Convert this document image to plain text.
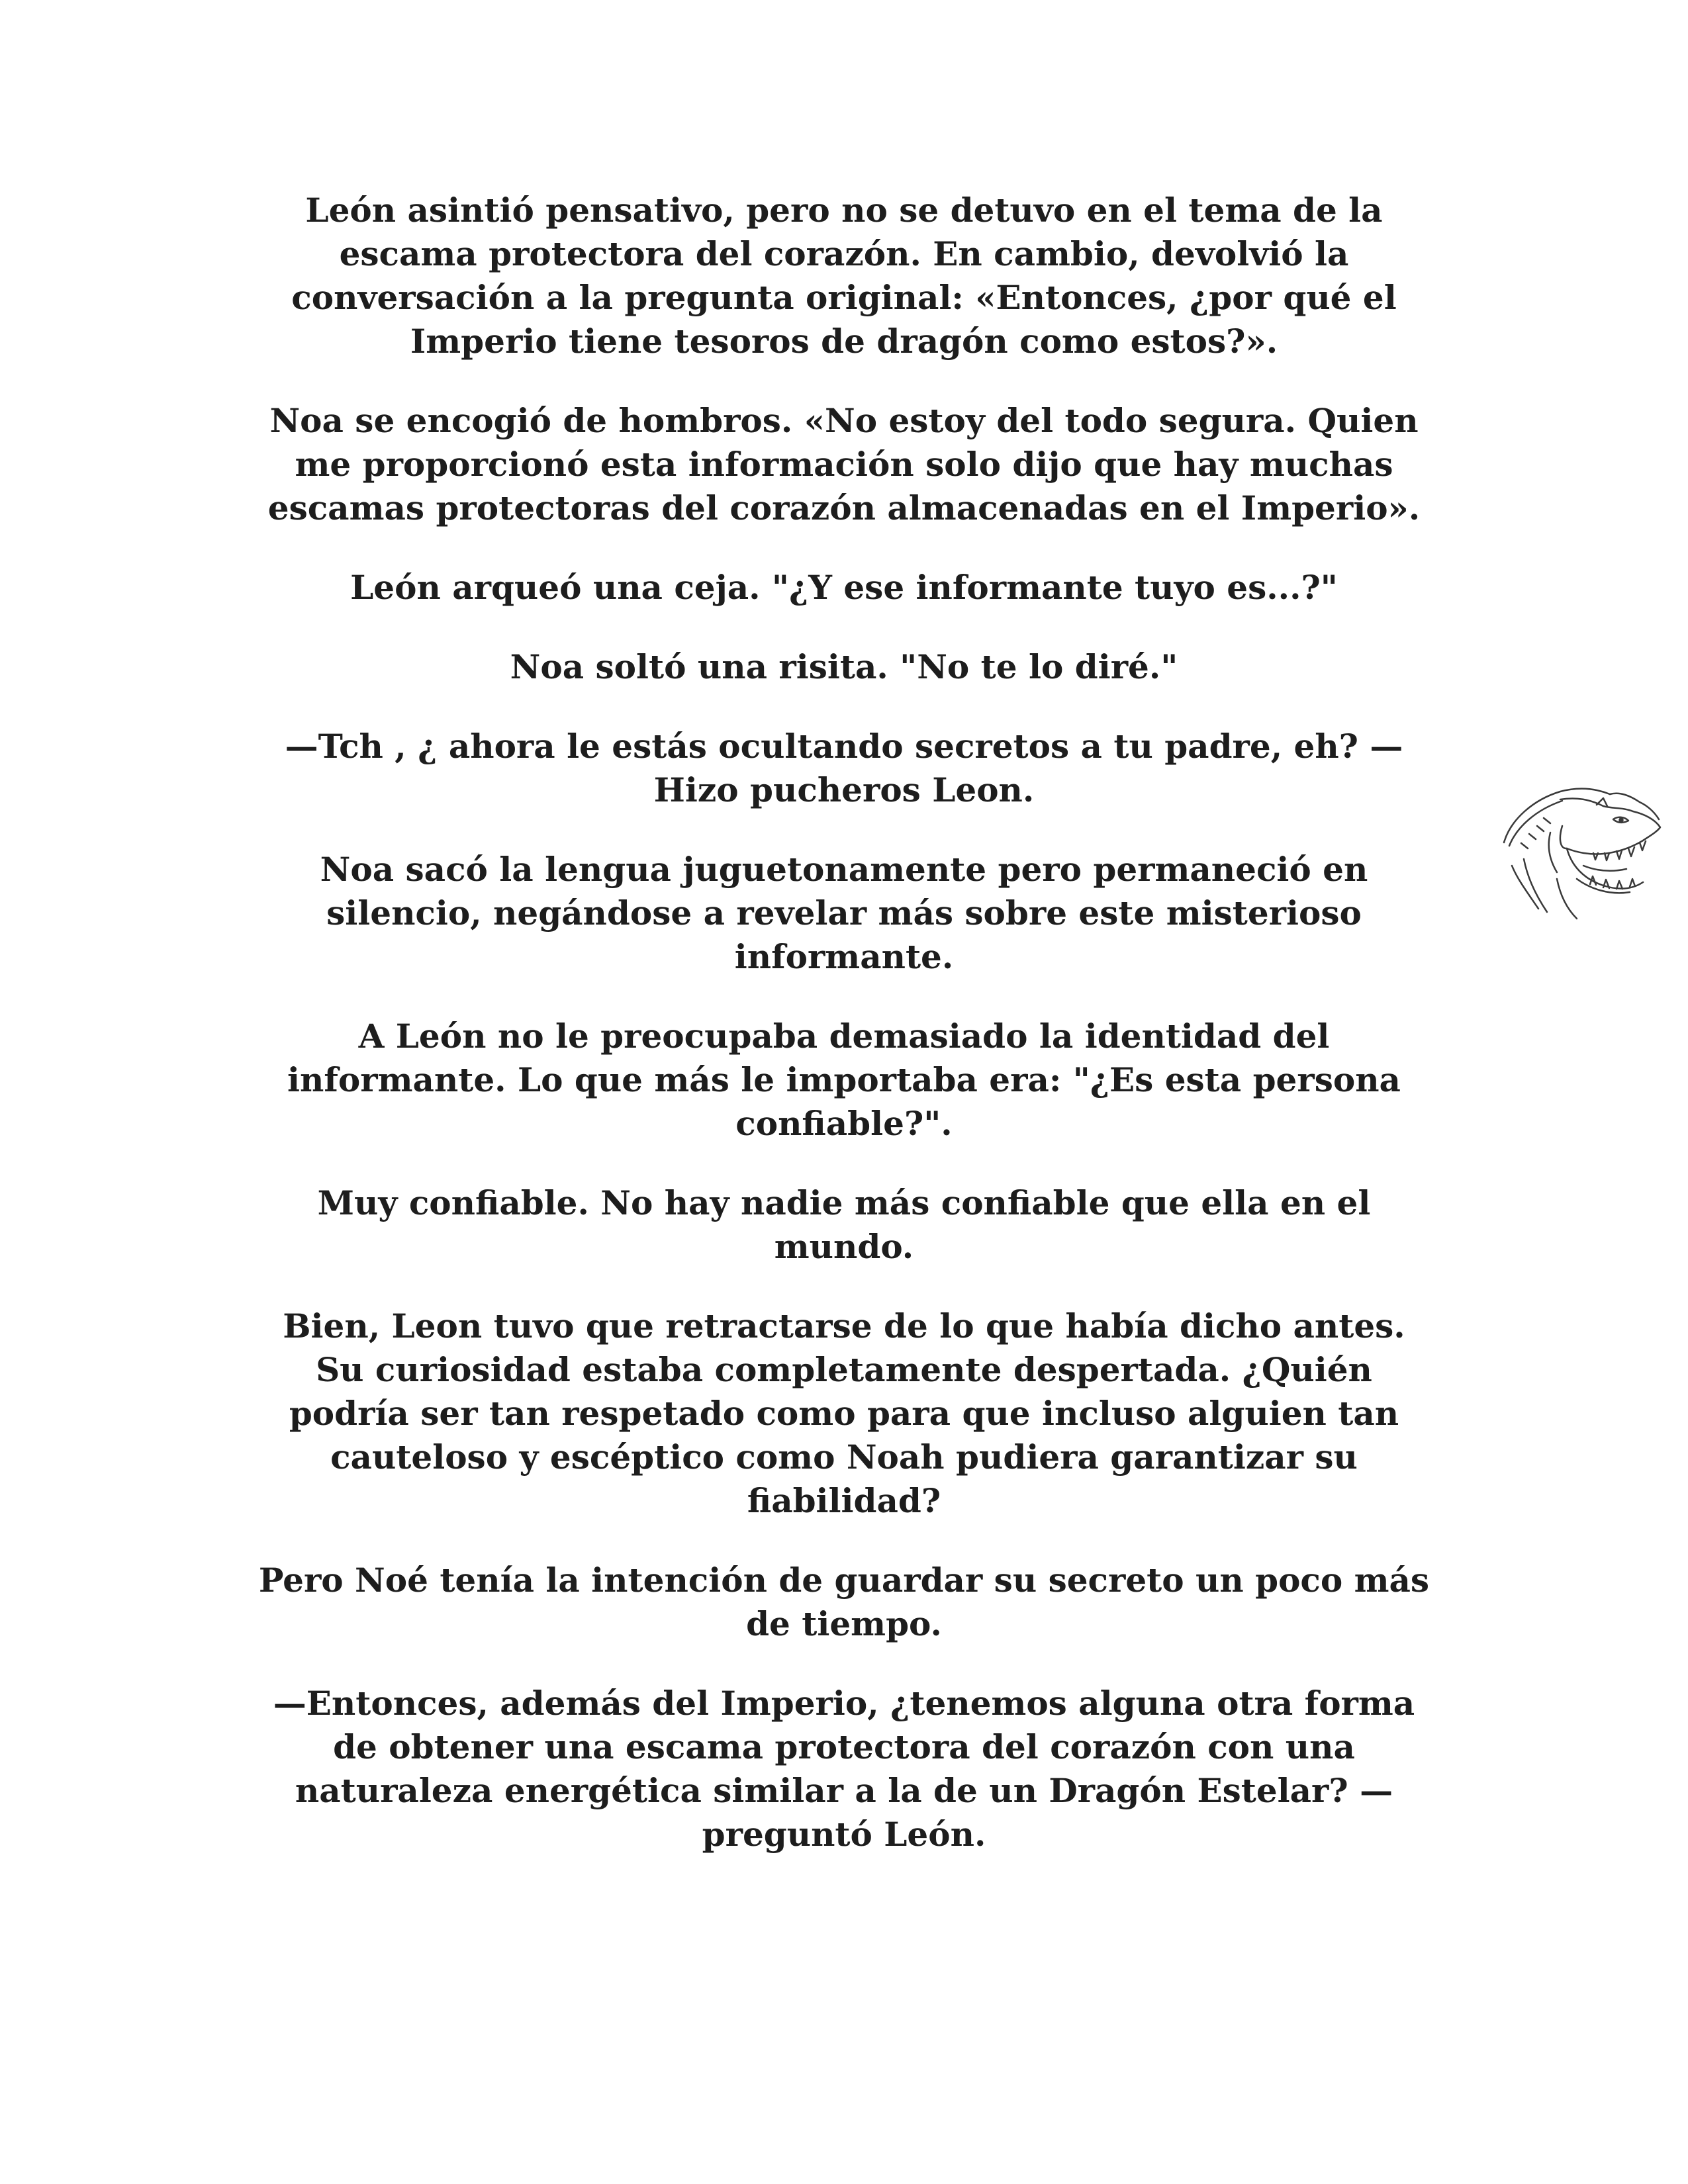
León asintió pensativo, pero no se detuvo en el tema de la
escama protectora del corazón. En cambio, devolvió la
conversación a la pregunta original: «Entonces, ¿por qué el
Imperio tiene tesoros de dragón como estos?».

Noa se encogió de hombros. «No estoy del todo segura. Quien
me proporcionó esta información solo dijo que hay muchas
escamas protectoras del corazón almacenadas en el Imperio».

León arqueó una ceja. "¿Y ese informante tuyo es...?"

Noa soltó una risita. "No te lo diré."

—Tch , ¿ ahora le estás ocultando secretos a tu padre, eh? —
Hizo pucheros Leon.

Noa sacó la lengua juguetonamente pero permaneció en
silencio, negándose a revelar más sobre este misterioso
informante.

A León no le preocupaba demasiado la identidad del
informante. Lo que más le importaba era: "¿Es esta persona
confiable?".

Muy confiable. No hay nadie más confiable que ella en el
mundo.

Bien, Leon tuvo que retractarse de lo que había dicho antes.
Su curiosidad estaba completamente despertada. ¿Quién
podría ser tan respetado como para que incluso alguien tan
cauteloso y escéptico como Noah pudiera garantizar su
fiabilidad?

Pero Noé tenía la intención de guardar su secreto un poco más
de tiempo.

—Entonces, además del Imperio, ¿tenemos alguna otra forma
de obtener una escama protectora del corazón con una
naturaleza energética similar a la de un Dragón Estelar? —
preguntó León.
